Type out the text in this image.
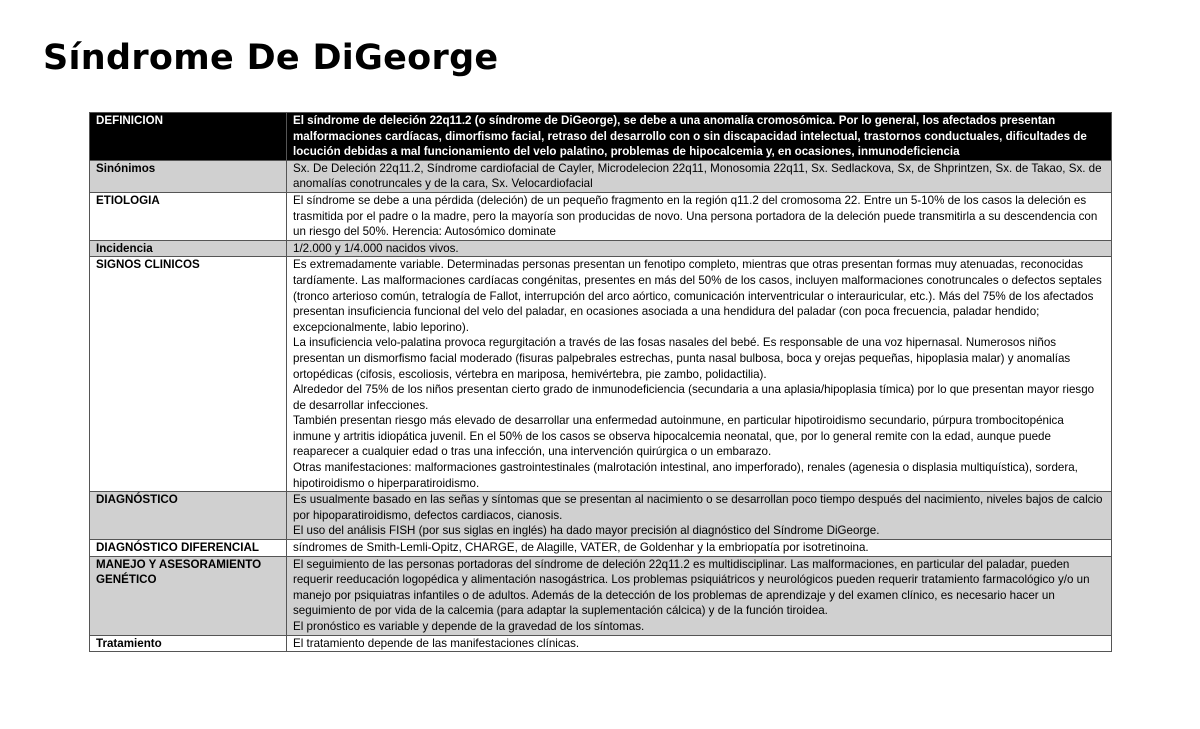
Síndrome De DiGeorge
DEFINICION	El síndrome de deleción 22q11.2 (o síndrome de DiGeorge), se debe a una anomalía cromosómica. Por lo general, los afectados presentan malformaciones cardíacas, dimorfismo facial, retraso del desarrollo con o sin discapacidad intelectual, trastornos conductuales, dificultades de locución debidas a mal funcionamiento del velo palatino, problemas de hipocalcemia y, en ocasiones, inmunodeficiencia

Sinónimos	Sx. De Deleción 22q11.2, Síndrome cardiofacial de Cayler, Microdelecion 22q11, Monosomia 22q11, Sx. Sedlackova, Sx, de Shprintzen, Sx. de Takao, Sx. de anomalías conotruncales y de la cara, Sx. Velocardiofacial

ETIOLOGIA	El síndrome se debe a una pérdida (deleción) de un pequeño fragmento en la región q11.2 del cromosoma 22. Entre un 5-10% de los casos la deleción es trasmitida por el padre o la madre, pero la mayoría son producidas de novo. Una persona portadora de la deleción puede transmitirla a su descendencia con un riesgo del 50%. Herencia: Autosómico dominate

Incidencia	1/2.000 y 1/4.000 nacidos vivos.

SIGNOS CLINICOS	Es extremadamente variable. Determinadas personas presentan un fenotipo completo, mientras que otras presentan formas muy atenuadas, reconocidas tardíamente. Las malformaciones cardíacas congénitas, presentes en más del 50% de los casos, incluyen malformaciones conotruncales o defectos septales (tronco arterioso común, tetralogía de Fallot, interrupción del arco aórtico, comunicación interventricular o interauricular, etc.). Más del 75% de los afectados presentan insuficiencia funcional del velo del paladar, en ocasiones asociada a una hendidura del paladar (con poca frecuencia, paladar hendido; excepcionalmente, labio leporino).
La insuficiencia velo-palatina provoca regurgitación a través de las fosas nasales del bebé. Es responsable de una voz hipernasal. Numerosos niños presentan un dismorfismo facial moderado (fisuras palpebrales estrechas, punta nasal bulbosa, boca y orejas pequeñas, hipoplasia malar) y anomalías ortopédicas (cifosis, escoliosis, vértebra en mariposa, hemivértebra, pie zambo, polidactilia).
Alrededor del 75% de los niños presentan cierto grado de inmunodeficiencia (secundaria a una aplasia/hipoplasia tímica) por lo que presentan mayor riesgo de desarrollar infecciones.
También presentan riesgo más elevado de desarrollar una enfermedad autoinmune, en particular hipotiroidismo secundario, púrpura trombocitopénica inmune y artritis idiopática juvenil. En el 50% de los casos se observa hipocalcemia neonatal, que, por lo general remite con la edad, aunque puede reaparecer a cualquier edad o tras una infección, una intervención quirúrgica o un embarazo.
Otras manifestaciones: malformaciones gastrointestinales (malrotación intestinal, ano imperforado), renales (agenesia o displasia multiquística), sordera, hipotiroidismo o hiperparatiroidismo.

DIAGNÓSTICO	Es usualmente basado en las señas y síntomas que se presentan al nacimiento o se desarrollan poco tiempo después del nacimiento, niveles bajos de calcio por hipoparatiroidismo, defectos cardiacos, cianosis.
El uso del análisis FISH (por sus siglas en inglés) ha dado mayor precisión al diagnóstico del Síndrome DiGeorge.

DIAGNÓSTICO DIFERENCIAL	síndromes de Smith-Lemli-Opitz, CHARGE, de Alagille, VATER, de Goldenhar y la embriopatía por isotretinoina.

MANEJO Y ASESORAMIENTO GENÉTICO	El seguimiento de las personas portadoras del síndrome de deleción 22q11.2 es multidisciplinar. Las malformaciones, en particular del paladar, pueden requerir reeducación logopédica y alimentación nasogástrica. Los problemas psiquiátricos y neurológicos pueden requerir tratamiento farmacológico y/o un manejo por psiquiatras infantiles o de adultos. Además de la detección de los problemas de aprendizaje y del examen clínico, es necesario hacer un seguimiento de por vida de la calcemia (para adaptar la suplementación cálcica) y de la función tiroidea.
El pronóstico es variable y depende de la gravedad de los síntomas.

Tratamiento	El tratamiento depende de las manifestaciones clínicas.
